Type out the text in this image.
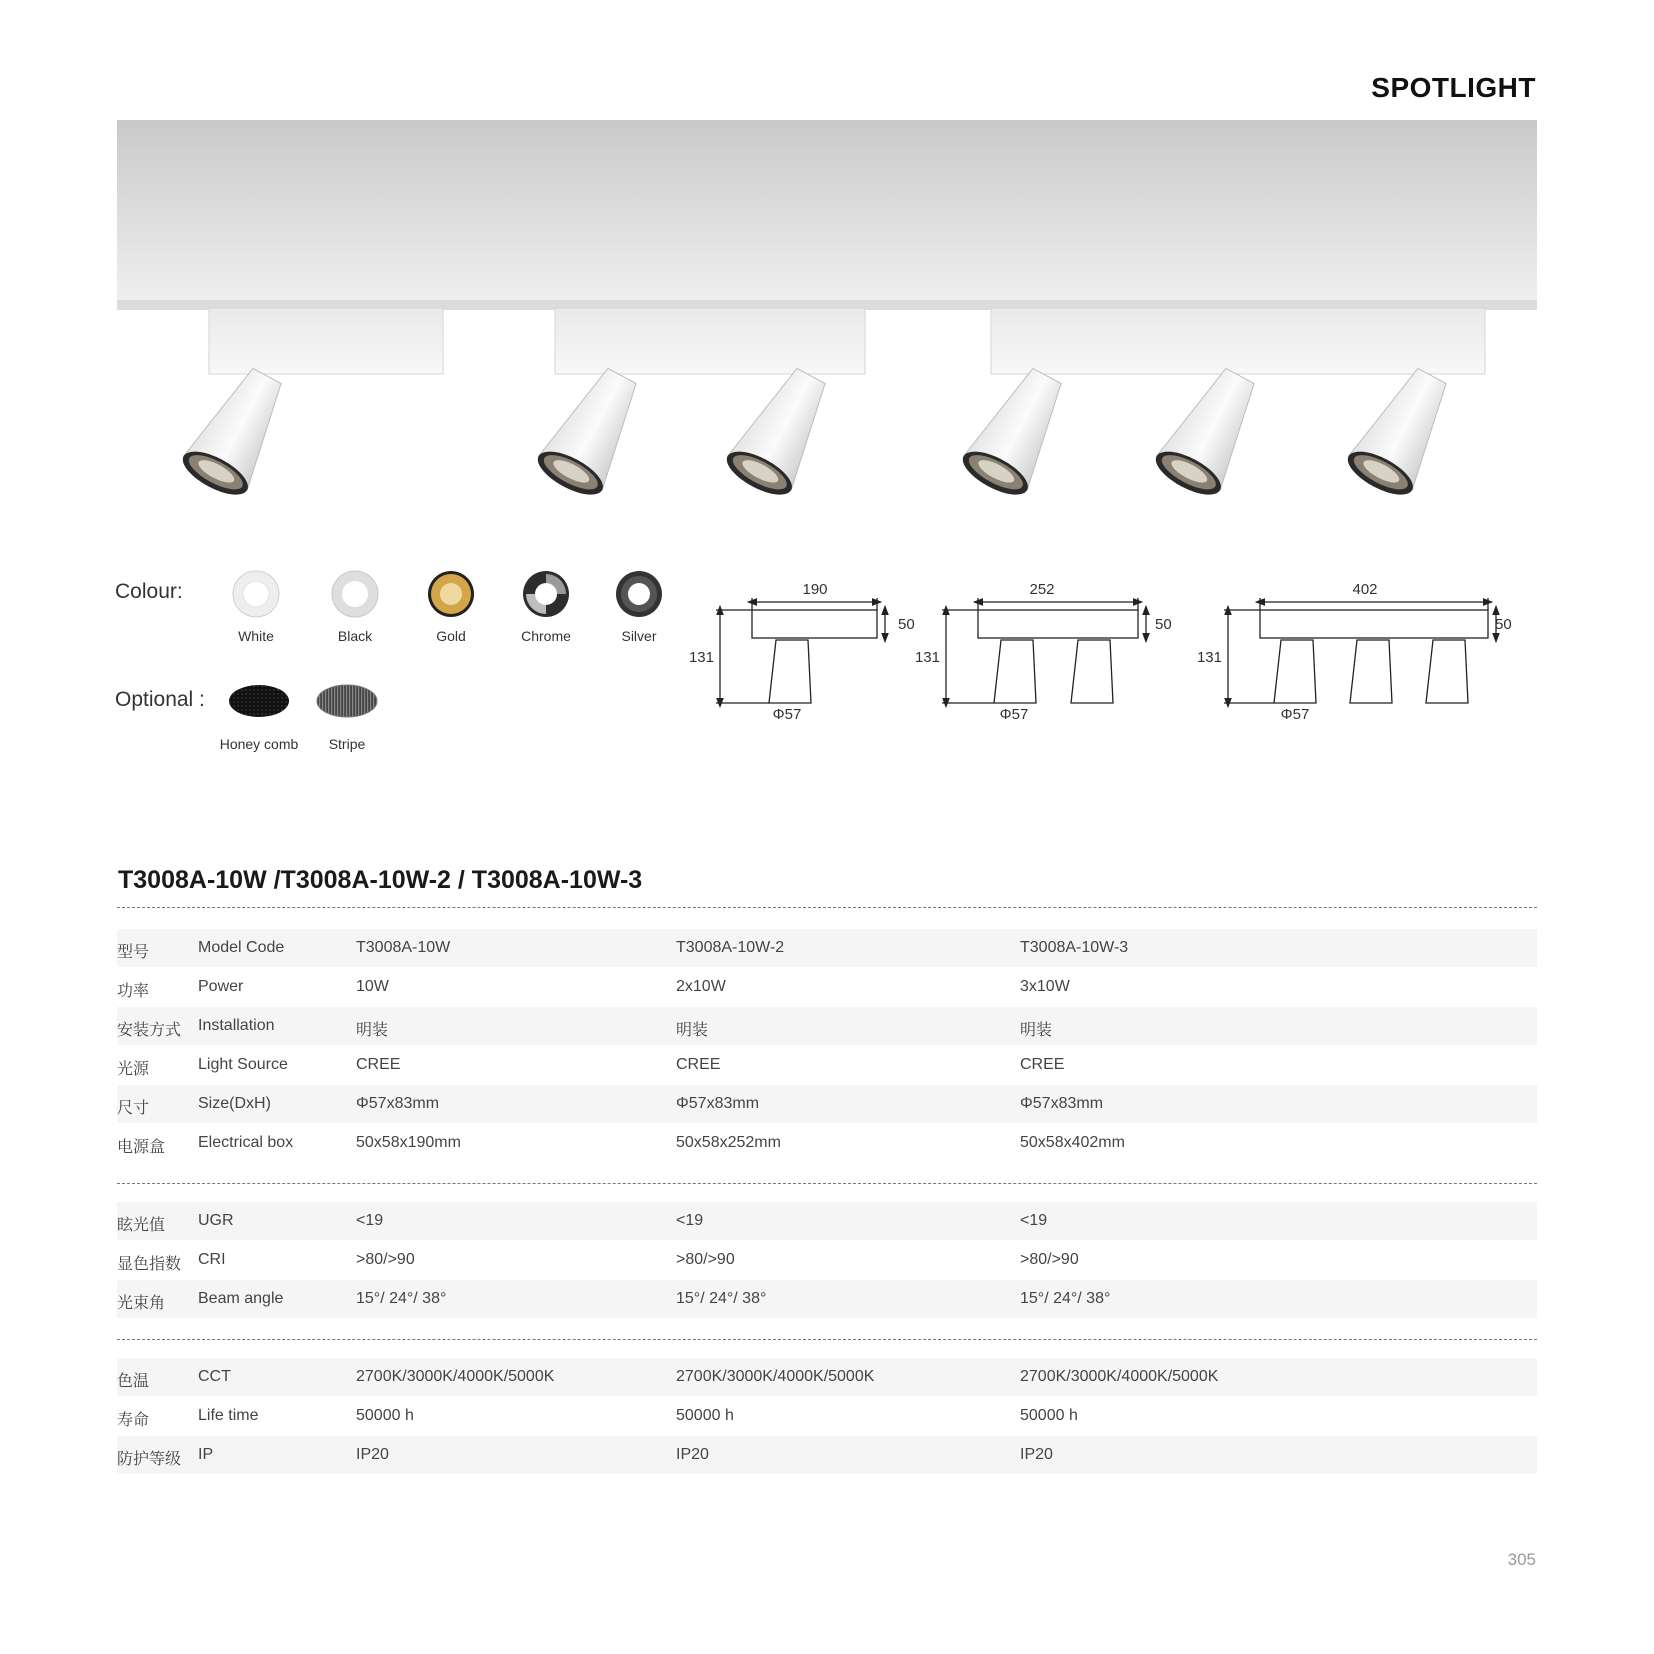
SPOTLIGHT
Colour:
White	Black	Gold	Chrome	Silver
Optional :
Honey comb	Stripe
190
50
131
Φ57
252
50
131
Φ57
402
50
131
Φ57
T3008A-10W /T3008A-10W-2 / T3008A-10W-3
型号	Model Code	T3008A-10W	T3008A-10W-2	T3008A-10W-3
功率	Power	10W	2x10W	3x10W
安装方式 Installation	明装	明装	明装
光源	Light Source	CREE	CREE	CREE
尺寸	Size(DxH)	Φ57x83mm	Φ57x83mm	Φ57x83mm
电源盒 Electrical box	50x58x190mm	50x58x252mm	50x58x402mm
眩光值 UGR	<19	<19	<19
显色指数 CRI	>80/>90	>80/>90	>80/>90
光束角 Beam angle	15°/ 24°/ 38°	15°/ 24°/ 38°	15°/ 24°/ 38°
色温	CCT	2700K/3000K/4000K/5000K	2700K/3000K/4000K/5000K	2700K/3000K/4000K/5000K
寿命	Life time	50000 h	50000 h	50000 h
防护等级 IP	IP20	IP20	IP20
305
